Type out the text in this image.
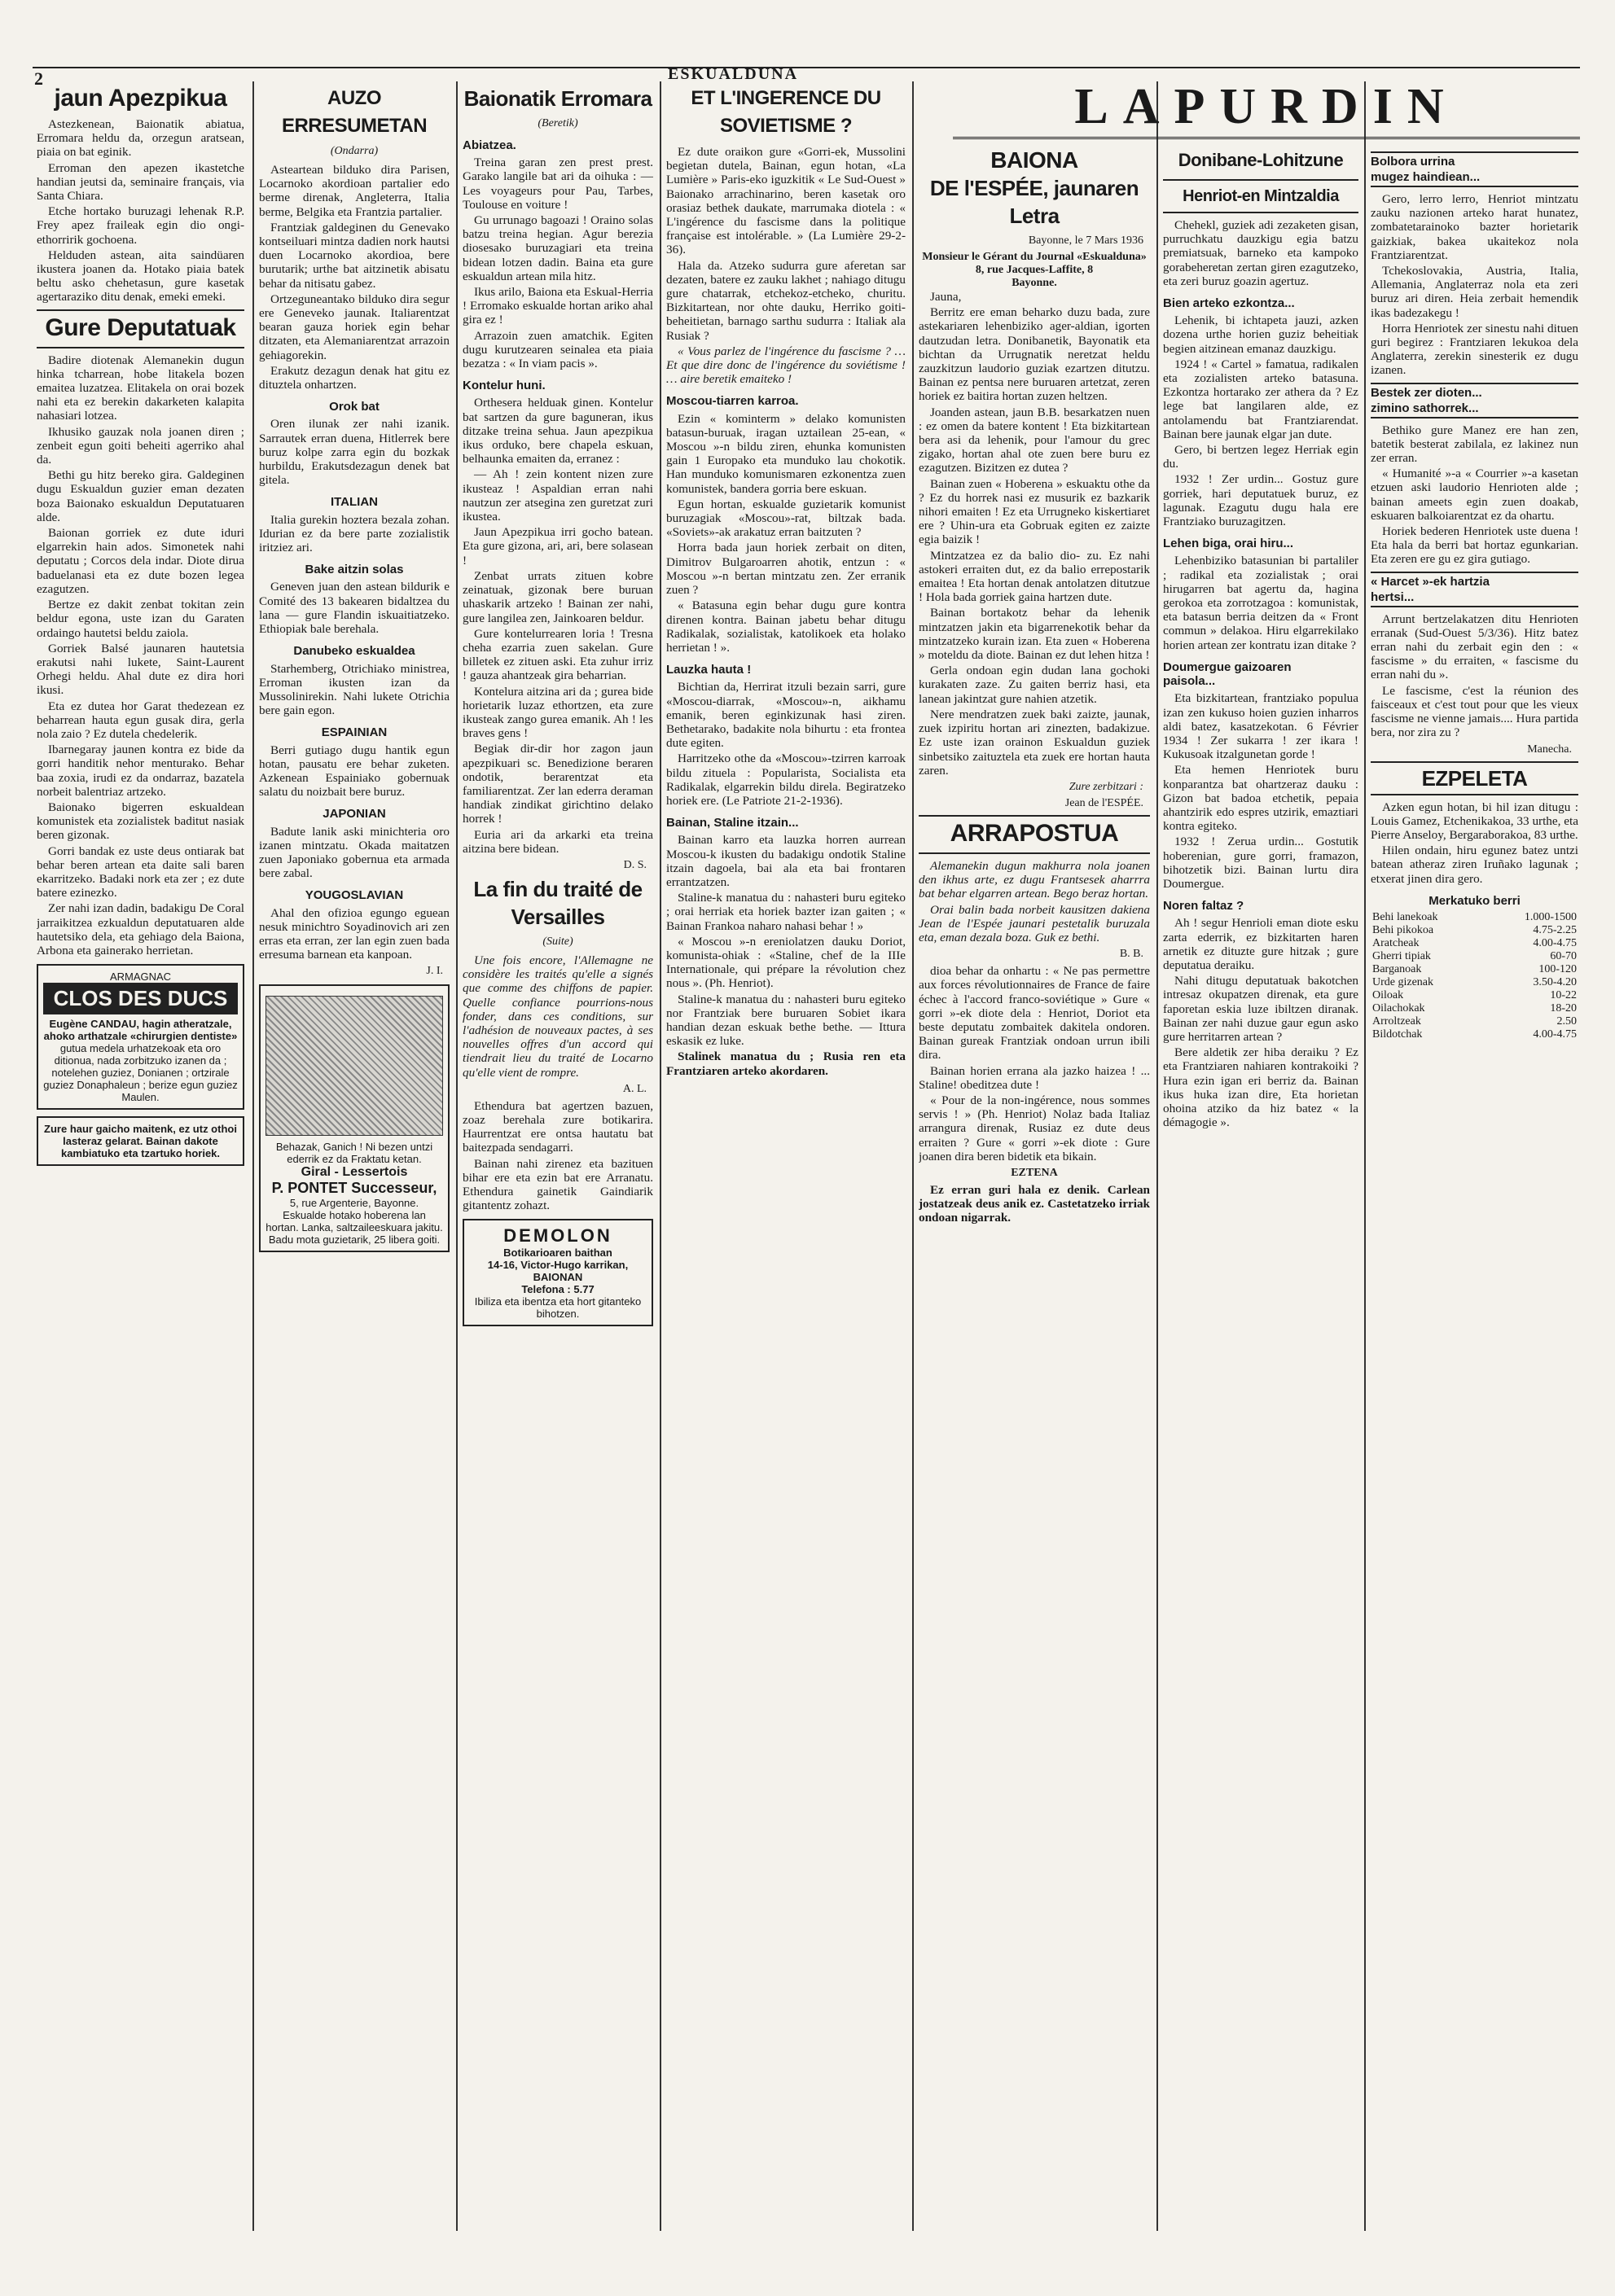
2	ESKUALDUNA
LAPURDIN
jaun Apezpikua

Astezkenean, Baionatik abiatua, Erromara heldu da, orzegun aratsean, piaia on bat eginik.

Erroman den apezen ikastetche handian jeutsi da, seminaire français, via Santa Chiara.

Etche hortako buruzagi lehenak R.P. Frey apez fraileak egin dio ongi-ethorririk gochoena.

Helduden astean, aita saindüaren ikustera joanen da. Hotako piaia batek beltu asko chehetasun, gure kasetak agertaraziko ditu denak, emeki emeki.

Gure Deputatuak

Badire diotenak Alemanekin dugun hinka tcharrean, hobe litakela bozen emaitea luzatzea. Elitakela on orai bozek nahi eta ez berekin dakarketen kalapita nahasiari lotzea.

Ikhusiko gauzak nola joanen diren ; zenbeit egun goiti beheiti agerriko ahal da.

Bethi gu hitz bereko gira. Galdeginen dugu Eskualdun guzier eman dezaten boza Baionako eskualdun Deputatuaren alde.

Baionan gorriek ez dute iduri elgarrekin hain ados. Simonetek nahi deputatu ; Corcos dela indar. Diote dirua baduelanasi eta ez dute bozen legea ezagutzen.

Bertze ez dakit zenbat tokitan zein beldur egona, uste izan du Garaten ordaingo hautetsi beldu zaiola.

Gorriek Balsé jaunaren hautetsia erakutsi nahi lukete, Saint-Laurent Orhegi heldu. Ahal dute ez dira hori ikusi.

Eta ez dutea hor Garat thedezean ez beharrean hauta egun gusak dira, gerla nola zaio ? Ez dutela chedelerik.

Ibarnegaray jaunen kontra ez bide da gorri handitik nehor menturako. Behar baa zoxia, irudi ez da ondarraz, bazatela norbeit balentriaz artzeko.

Baionako bigerren eskualdean komunistek eta zozialistek baditut nasiak beren gizonak.

Gorri bandak ez uste deus ontiarak bat behar beren artean eta daite sali baren ekarritzeko. Badaki nork eta zer ; ez dute batere ezinezko.

Zer nahi izan dadin, badakigu De Coral jarraikitzea ezkualdun deputatuaren alde hautetsiko dela, eta gehiago dela Baiona, Arbona eta gainerako herrietan.

ARMAGNAC
CLOS DES DUCS
Eugène CANDAU, hagin atheratzale, ahoko arthatzale «chirurgien dentiste»
gutua medela urhatzekoak eta oro ditionua, nada zorbitzuko izanen da ; notelehen guziez, Donianen ; ortzirale guziez Donaphaleun ; berize egun guziez Maulen.
Zure haur gaicho maitenk, ez utz othoi lasteraz gelarat. Bainan dakote kambiatuko eta tzartuko horiek.
AUZO ERRESUMETAN
(Ondarra)

Asteartean bilduko dira Parisen, Locarnoko akordioan partalier edo berme direnak, Angleterra, Italia berme, Belgika eta Frantzia partalier.

Frantziak galdeginen du Genevako kontseiluari mintza dadien nork hautsi duen Locarnoko akordioa, bere burutarik; urthe bat aitzinetik abisatu behar da nitisatu gabez.

Ortzeguneantako bilduko dira segur ere Geneveko jaunak. Italiarentzat bearan gauza horiek egin behar ditzaten, eta Alemaniarentzat arrazoin gehiagorekin.

Erakutz dezagun denak hat gitu ez dituztela onhartzen.

Orok bat

Oren ilunak zer nahi izanik. Sarrautek erran duena, Hitlerrek bere buruz kolpe zarra egin du bozkak hurbildu, Erakutsdezagun denek bat gitela.

ITALIAN

Italia gurekin hoztera bezala zohan. Idurian ez da bere parte zozialistik iritziez ari.

Bake aitzin solas

Geneven juan den astean bildurik e Comité des 13 bakearen bidaltzea du lana — gure Flandin iskuaitiatzeko. Ethiopiak bale berehala.

Danubeko eskualdea

Starhemberg, Otrichiako ministrea, Erroman ikusten izan da Mussolinirekin. Nahi lukete Otrichia bere gain egon.

ESPAINIAN

Berri gutiago dugu hantik egun hotan, pausatu ere behar zuketen. Azkenean Espainiako gobernuak salatu du noizbait bere buruz.

JAPONIAN

Badute lanik aski minichteria oro izanen mintzatu. Okada maitatzen zuen Japoniako gobernua eta armada bere zabal.

YOUGOSLAVIAN

Ahal den ofizioa egungo eguean nesuk minichtro Soyadinovich ari zen erras eta erran, zer lan egin zuen bada erresuma barnean eta kanpoan.

J. I.
Behazak, Ganich ! Ni bezen untzi ederrik ez da Fraktatu ketan.
Giral - Lessertois
P. PONTET Successeur,
5, rue Argenterie, Bayonne.
Eskualde hotako hoberena lan hortan. Lanka, saltzaileeskuara jakitu. Badu mota guzietarik, 25 libera goiti.
Baionatik Erromara
(Beretik)
Abiatzea.

Treina garan zen prest prest. Garako langile bat ari da oihuka : — Les voyageurs pour Pau, Tarbes, Toulouse en voiture !

Gu urrunago bagoazi ! Oraino solas batzu treina hegian. Agur berezia diosesako buruzagiari eta treina bidean lotzen dadin. Baina eta gure eskualdun artean mila hitz.

Ikus arilo, Baiona eta Eskual-Herria ! Erromako eskualde hortan ariko ahal gira ez !

Arrazoin zuen amatchik. Egiten dugu kurutzearen seinalea eta piaia bezatza : « In viam pacis ».

Kontelur huni.

Orthesera helduak ginen. Kontelur bat sartzen da gure baguneran, ikus ditzake treina sehua. Jaun apezpikua ikus orduko, bere chapela eskuan, belhaunka emaiten da, erranez :

— Ah ! zein kontent nizen zure ikusteaz ! Aspaldian erran nahi nautzun zer atsegina zen guretzat zuri ikustea.

Jaun Apezpikua irri gocho batean. Eta gure gizona, ari, ari, bere solasean !

Zenbat urrats zituen kobre zeinatuak, gizonak bere buruan uhaskarik artzeko ! Bainan zer nahi, gure langilea zen, Jainkoaren beldur.

Gure kontelurrearen loria ! Tresna cheha ezarria zuen sakelan. Gure billetek ez zituen aski. Eta zuhur irriz ! gauza ahantzeak gira beharrian.

Kontelura aitzina ari da ; gurea bide horietarik luzaz ethortzen, eta zure ikusteak zango gurea emanik. Ah ! les braves gens !

Begiak dir-dir hor zagon jaun apezpikuari sc. Benedizione beraren ondotik, berarentzat eta familiarentzat. Zer lan ederra deraman handiak zindikat girichtino delako horrek !

Euria ari da arkarki eta treina aitzina bere bidean.

D. S.
La fin du traité de Versailles
(Suite)

Une fois encore, l'Allemagne ne considère les traités qu'elle a signés que comme des chiffons de papier. Quelle confiance pourrions-nous fonder, dans ces conditions, sur l'adhésion de nouveaux pactes, à ses nouvelles offres d'un accord qui tiendrait lieu du traité de Locarno qu'elle vient de rompre.

A. L.

Ethendura bat agertzen bazuen, zoaz berehala zure botikarira. Haurrentzat ere ontsa hautatu bat baitezpada sendagarri.

Bainan nahi zirenez eta bazituen bihar ere eta ezin bat ere Arranatu. Ethendura gainetik Gaindiarik gitantentz zohazt.

DEMOLON
Botikarioaren baithan
14-16, Victor-Hugo karrikan, BAIONAN
Telefona : 5.77
Ibiliza eta ibentza eta hort gitanteko bihotzen.
ET L'INGERENCE DU SOVIETISME ?

Ez dute oraikon gure «Gorri-ek, Mussolini begietan dutela, Bainan, egun hotan, «La Lumière » Paris-eko iguzkitik « Le Sud-Ouest » Baionako arrachinarino, beren kasetak oro orasiaz bethek daukate, marrumaka diotela : « L'ingérence du fascisme dans la politique française est intolérable. » (La Lumière 29-2-36).

Hala da. Atzeko sudurra gure aferetan sar dezaten, batere ez zauku lakhet ; nahiago ditugu gure chatarrak, etchekoz-etcheko, churitu. Bizkitartean, nor ohte dauku, Herriko goiti-beheitietan, barnago sarthu sudurra : Italiak ala Rusiak ?

« Vous parlez de l'ingérence du fascisme ? … Et que dire donc de l'ingérence du soviétisme ! … aire beretik emaiteko !

Moscou-tiarren karroa.

Ezin « kominterm » delako komunisten batasun-buruak, iragan uztailean 25-ean, « Moscou »-n bildu ziren, ehunka komunisten gain 1 Europako eta munduko lau chokotik. Han munduko komunismaren ezkonentza zuen komunistek, bandera gorria bere eskuan.

Egun hortan, eskualde guzietarik komunist buruzagiak «Moscou»-rat, biltzak bada. «Soviets»-ak arakatuz erran baitzuten ?

Horra bada jaun horiek zerbait on diten, Dimitrov Bulgaroarren ahotik, entzun : « Moscou »-n bertan mintzatu zen. Zer erranik zuen ?

« Batasuna egin behar dugu gure kontra direnen kontra. Bainan jabetu behar ditugu Radikalak, sozialistak, katolikoek eta holako herrietan ! ».

Lauzka hauta !

Bichtian da, Herrirat itzuli bezain sarri, gure «Moscou-diarrak, «Moscou»-n, aikhamu emanik, beren eginkizunak hasi ziren. Bethetarako, badakite nola bihurtu : eta frontea dute egiten.

Harritzeko othe da «Moscou»-tzirren karroak bildu zituela : Popularista, Socialista eta Radikalak, elgarrekin bildu direla. Begiratzeko horiek ere. (Le Patriote 21-2-1936).

Bainan, Staline itzain...

Bainan karro eta lauzka horren aurrean Moscou-k ikusten du badakigu ondotik Staline itzain dagoela, bai ala eta bai frontaren errantzatzen.

Staline-k manatua du : nahasteri buru egiteko ; orai herriak eta horiek bazter izan gaiten ; « Bainan Frankoa naharo nahasi behar ! »

« Moscou »-n ereniolatzen dauku Doriot, komunista-ohiak : «Staline, chef de la IIIe Internationale, qui prépare la révolution chez nous ». (Ph. Henriot).

Staline-k manatua du : nahasteri buru egiteko nor Frantziak bere buruaren Sobiet ikara handian dezan eskuak bethe bethe. — Ittura eskasik ez luke.

Stalinek manatua du ; Rusia ren eta Frantziaren arteko akordaren.

BAIONA
DE l'ESPÉE, jaunaren
Letra
Bayonne, le 7 Mars 1936
Monsieur le Gérant du Journal «Eskualduna»
8, rue Jacques-Laffite, 8
Bayonne.

Jauna,

Berritz ere eman beharko duzu bada, zure astekariaren lehenbiziko ager-aldian, igorten dautzudan letra. Donibanetik, Bayonatik eta bichtan da Urrugnatik neretzat heldu zauzkitzun laudorio guziak ezartzen ditutzu. Bainan ez pentsa nere buruaren artetzat, zeren horiek ez baitira hortan zuzen heltzen.

Joanden astean, jaun B.B. besarkatzen nuen : ez omen da batere kontent ! Eta bizkitartean bera asi da lehenik, pour l'amour du grec zigako, hortan ahal ote zuen bere buru ez ezagutzen. Bizitzen ez dutea ?

Bainan zuen « Hoberena » eskuaktu othe da ? Ez du horrek nasi ez musurik ez bazkarik nihori emaiten ! Ez eta Urrugneko kiskertiaret ere ? Uhin-ura eta Gobruak egiten ez zaizte egia baizik !

Mintzatzea ez da balio dio- zu. Ez nahi astokeri erraiten dut, ez da balio errepostarik emaitea ! Eta hortan denak antolatzen ditutzue ! Hola bada gorriek gaina hartzen dute.

Bainan bortakotz behar da lehenik mintzatzen jakin eta bigarrenekotik behar da mintzatzeko kurain izan. Eta zuen « Hoberena » moteldu da diote. Bainan ez dut lehen hitza !

Gerla ondoan egin dudan lana gochoki kurakaten zaze. Zu gaiten berriz hasi, eta lanean jakintzat gure nahien atzetik.

Nere mendratzen zuek baki zaizte, jaunak, zuek izpiritu hortan ari zinezten, badakizue. Ez uste izan orainon Eskualdun guziek sinbetsiko zaituztela eta zuek ere hortan hauta zaren.

Zure zerbitzari :
Jean de l'ESPÉE.
ARRAPOSTUA

Alemanekin dugun makhurra nola joanen den ikhus arte, ez dugu Frantsesek aharrra bat behar elgarren artean. Bego beraz hortan.

Orai balin bada norbeit kausitzen dakiena Jean de l'Espée jaunari pestetalik buruzala eta, eman dezala boza. Guk ez bethi.

B. B.

dioa behar da onhartu : « Ne pas permettre aux forces révolutionnaires de France de faire échec à l'accord franco-soviétique » Gure « gorri »-ek diote dela : Henriot, Doriot eta beste deputatu zombaitek dakitela ondoren. Bainan gureak Frantziak ondoan urrun ibili dira.

Bainan horien errana ala jazko haizea ! ... Staline! obeditzea dute !

« Pour de la non-ingérence, nous sommes servis ! » (Ph. Henriot) Nolaz bada Italiaz arrangura direnak, Rusiaz ez dute deus erraiten ? Gure « gorri »-ek diote : Gure joanen dira beren bidetik eta bikain.

EZTENA

Ez erran guri hala ez denik. Carlean jostatzeak deus anik ez. Castetatzeko irriak ondoan nigarrak.

Donibane-Lohitzune
Henriot-en Mintzaldia

Chehekl, guziek adi zezaketen gisan, purruchkatu dauzkigu egia batzu premiatsuak, barneko eta kampoko gorabeheretan zertan giren ezagutzeko, eta zeri buruz goazin agertuz.

Bien arteko ezkontza...

Lehenik, bi ichtapeta jauzi, azken dozena urthe horien guziz beheitiak begien aitzinean emanaz dauzkigu.

1924 ! « Cartel » famatua, radikalen eta zozialisten arteko batasuna. Ezkontza hortarako zer athera da ? Ez lege bat langilaren alde, ez antolamendu bat Frantziarendat. Bainan bere jaunak elgar jan dute.

Gero, bi bertzen legez Herriak egin du.

1932 ! Zer urdin... Gostuz gure gorriek, hari deputatuek buruz, ez lagunak. Ezagutu dugu hala ere Frantziako buruzagitzen.

Lehen biga, orai hiru...

Lehenbiziko batasunian bi partaliler ; radikal eta zozialistak ; orai hirugarren bat agertu da, hagina gerokoa eta zorrotzagoa : komunistak, eta batasun berria deitzen da « Front commun » delakoa. Hiru elgarrekilako horien artean zer kontratu izan ditake ?

Doumergue gaizoaren
paisola...

Eta bizkitartean, frantziako populua izan zen kukuso hoien guzien inharros aldi batez, kasatzekotan. 6 Février 1934 ! Zer sukarra ! zer ikara ! Kukusoak itzalgunetan gorde !

Eta hemen Henriotek buru konparantza bat ohartzeraz dauku : Gizon bat badoa etchetik, pepaia ahantzirik edo espres utzirik, emaztiari kontra egiteko.

1932 ! Zerua urdin... Gostutik hoberenian, gure gorri, framazon, bihotzetik bizi. Bainan lurtu dira Doumergue.

Noren faltaz ?

Ah ! segur Henrioli eman diote esku zarta ederrik, ez bizkitarten haren arnetik ez dituzte gure hitzak ; gure deputatua deraiku.

Nahi ditugu deputatuak bakotchen intresaz okupatzen direnak, eta gure faporetan eskia luze ibiltzen diranak. Bainan zer nahi duzue gaur egun asko gure herritarren artean ?

Bere aldetik zer hiba deraiku ? Ez eta Frantziaren nahiaren kontrakoiki ? Hura ezin igan eri berriz da. Bainan ikus huka izan dire, Eta horietan ohoina atziko da hiz batez « la démagogie ».

Bolbora urrina
mugez haindiean...

Gero, lerro lerro, Henriot mintzatu zauku nazionen arteko harat hunatez, zombatetarainoko bazter horietarik gaizkiak, bakea ukaitekoz nola Frantziarentzat.

Tchekoslovakia, Austria, Italia, Allemania, Anglaterraz nola eta zeri buruz ari diren. Heia zerbait hemendik ikas badezakegu !

Horra Henriotek zer sinestu nahi dituen guri begirez : Frantziaren lekukoa dela Anglaterra, zerekin sinesterik ez dugu izanen.

Bestek zer dioten...
zimino sathorrek...

Bethiko gure Manez ere han zen, batetik besterat zabilala, ez lakinez nun zer erran.

« Humanité »-a « Courrier »-a kasetan etzuen aski laudorio Henrioten alde ; bainan ameets egin zuen doakab, eskuaren balkoiarentzat ez da ohartu.

Horiek bederen Henriotek uste duena ! Eta hala da berri bat hortaz egunkarian. Eta zeren ere gu ez gira gutiago.

« Harcet »-ek hartzia
hertsi...

Arrunt bertzelakatzen ditu Henrioten erranak (Sud-Ouest 5/3/36). Hitz batez erran nahi du zerbait egin den : « fascisme » du erraiten, « fascisme du erran nahi du ».

Le fascisme, c'est la réunion des faisceaux et c'est tout pour que les vieux fascisme ne vienne jamais.... Hura partida bera, nor zira zu ?

Manecha.
EZPELETA

Azken egun hotan, bi hil izan ditugu : Louis Gamez, Etchenikakoa, 33 urthe, eta Pierre Anseloy, Bergaraborakoa, 83 urthe.

Hilen ondain, hiru egunez batez untzi batean atheraz ziren Iruñako lagunak ; etxerat jinen dira gero.

Merkatuko berri
Behi lanekoak	1.000-1500
Behi pikokoa	4.75-2.25
Aratcheak	4.00-4.75
Gherri tipiak	60-70
Barganoak	100-120
Urde gizenak	3.50-4.20
Oiloak	10-22
Oilachokak	18-20
Arroltzeak	2.50
Bildotchak	4.00-4.75
